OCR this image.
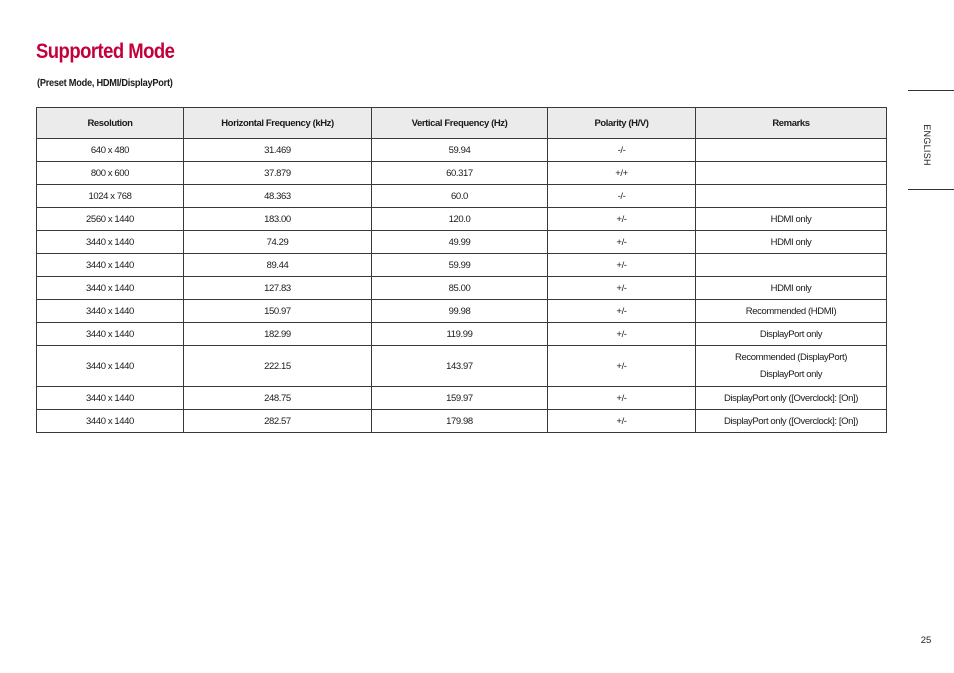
Supported Mode
(Preset Mode, HDMI/DisplayPort)
Resolution	Horizontal Frequency (kHz)	Vertical Frequency (Hz)	Polarity (H/V)	Remarks
640 x 480	31.469	59.94	-/-	

800 x 600	37.879	60.317	+/+	

1024 x 768	48.363	60.0	-/-	

2560 x 1440	183.00	120.0	+/-	HDMI only

3440 x 1440	74.29	49.99	+/-	HDMI only

3440 x 1440	89.44	59.99	+/-	

3440 x 1440	127.83	85.00	+/-	HDMI only

3440 x 1440	150.97	99.98	+/-	Recommended (HDMI)

3440 x 1440	182.99	119.99	+/-	DisplayPort only

3440 x 1440	222.15	143.97	+/-	Recommended (DisplayPort)
DisplayPort only

3440 x 1440	248.75	159.97	+/-	DisplayPort only ([Overclock]: [On])

3440 x 1440	282.57	179.98	+/-	DisplayPort only ([Overclock]: [On])
ENGLISH
25
